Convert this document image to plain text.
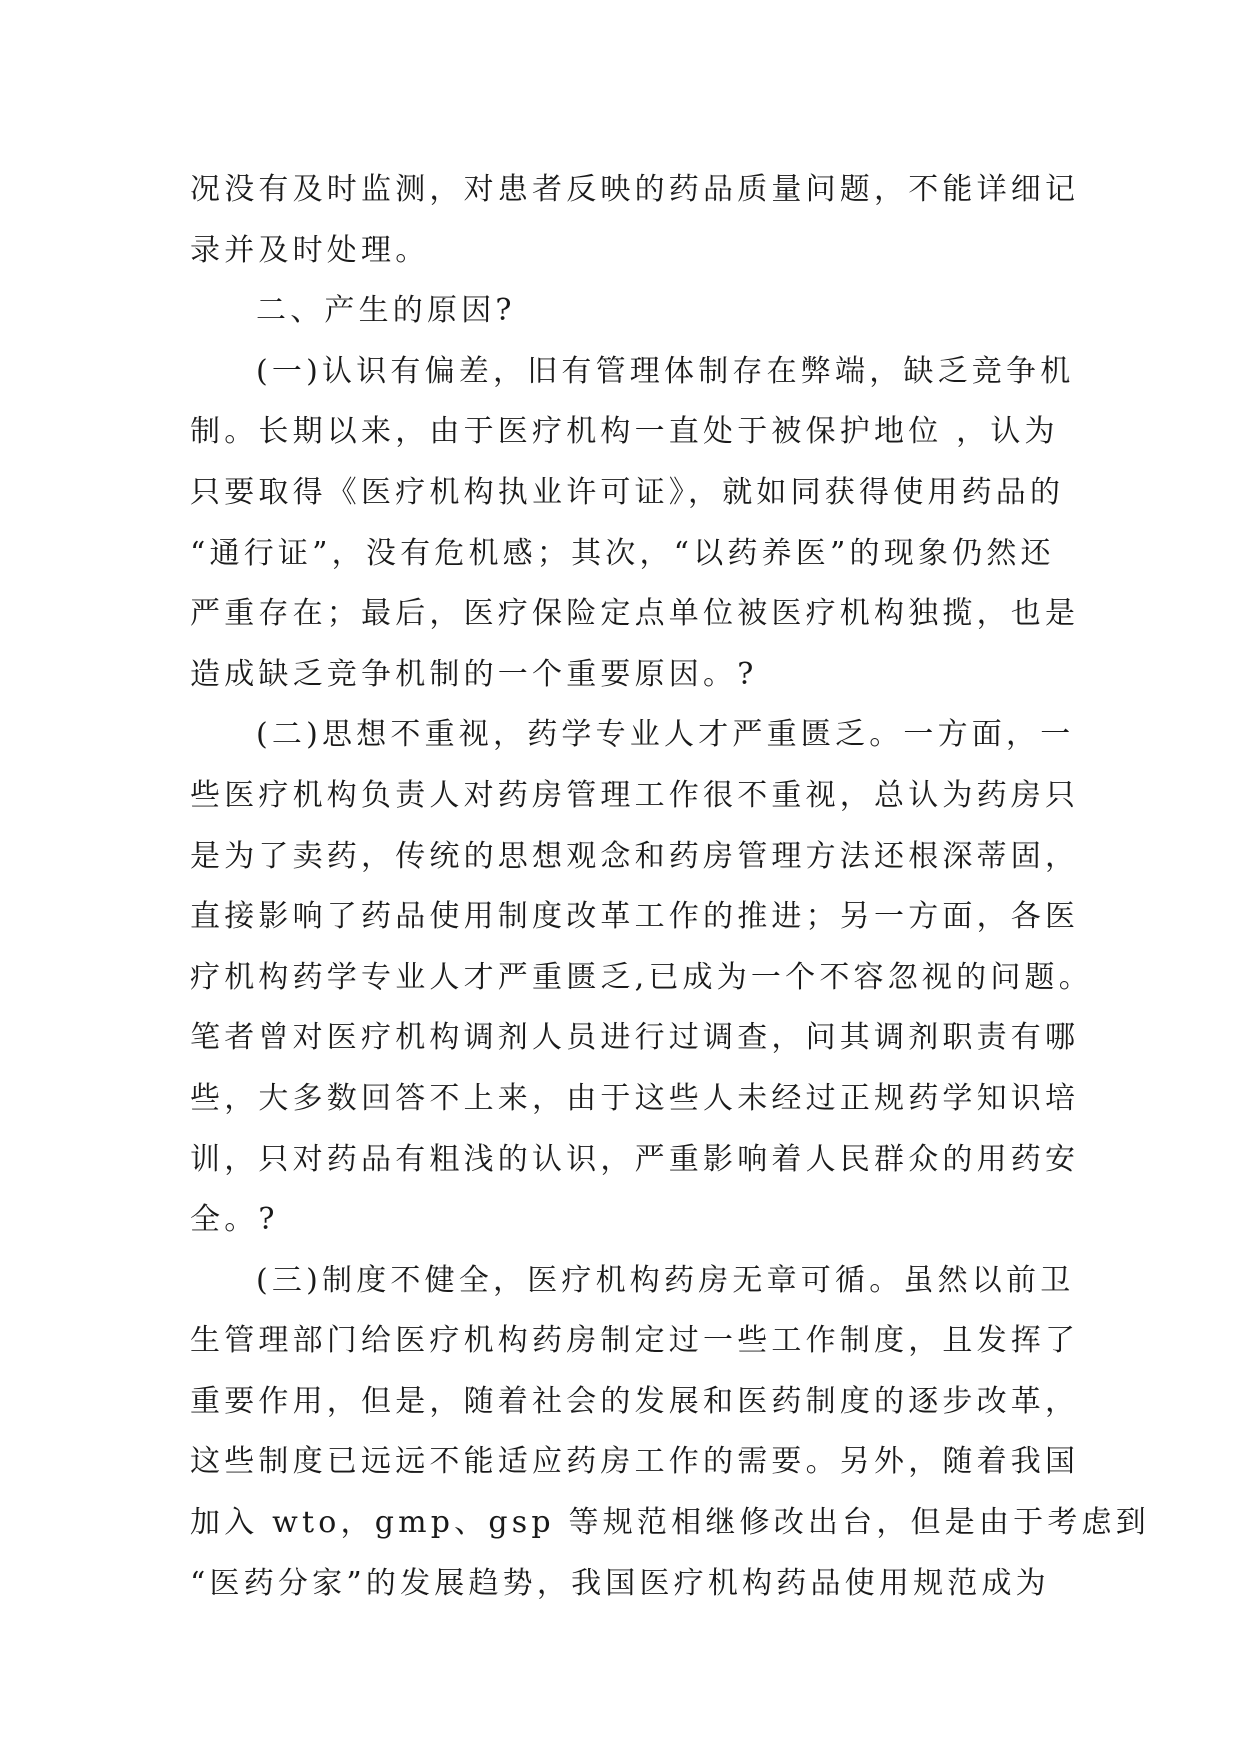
况没有及时监测，对患者反映的药品质量问题，不能详细记
录并及时处理。
二、产生的原因?
(一)认识有偏差，旧有管理体制存在弊端，缺乏竞争机
制。长期以来，由于医疗机构一直处于被保护地位 ，认为
只要取得《医疗机构执业许可证》，就如同获得使用药品的
“通行证”，没有危机感；其次，“以药养医”的现象仍然还
严重存在；最后，医疗保险定点单位被医疗机构独揽，也是
造成缺乏竞争机制的一个重要原因。?
(二)思想不重视，药学专业人才严重匮乏。一方面，一
些医疗机构负责人对药房管理工作很不重视，总认为药房只
是为了卖药，传统的思想观念和药房管理方法还根深蒂固，
直接影响了药品使用制度改革工作的推进；另一方面，各医
疗机构药学专业人才严重匮乏,已成为一个不容忽视的问题。
笔者曾对医疗机构调剂人员进行过调查，问其调剂职责有哪
些，大多数回答不上来，由于这些人未经过正规药学知识培
训，只对药品有粗浅的认识，严重影响着人民群众的用药安
全。?
(三)制度不健全，医疗机构药房无章可循。虽然以前卫
生管理部门给医疗机构药房制定过一些工作制度，且发挥了
重要作用，但是，随着社会的发展和医药制度的逐步改革，
这些制度已远远不能适应药房工作的需要。另外，随着我国
加入 wto，gmp、gsp 等规范相继修改出台，但是由于考虑到
“医药分家”的发展趋势，我国医疗机构药品使用规范成为
